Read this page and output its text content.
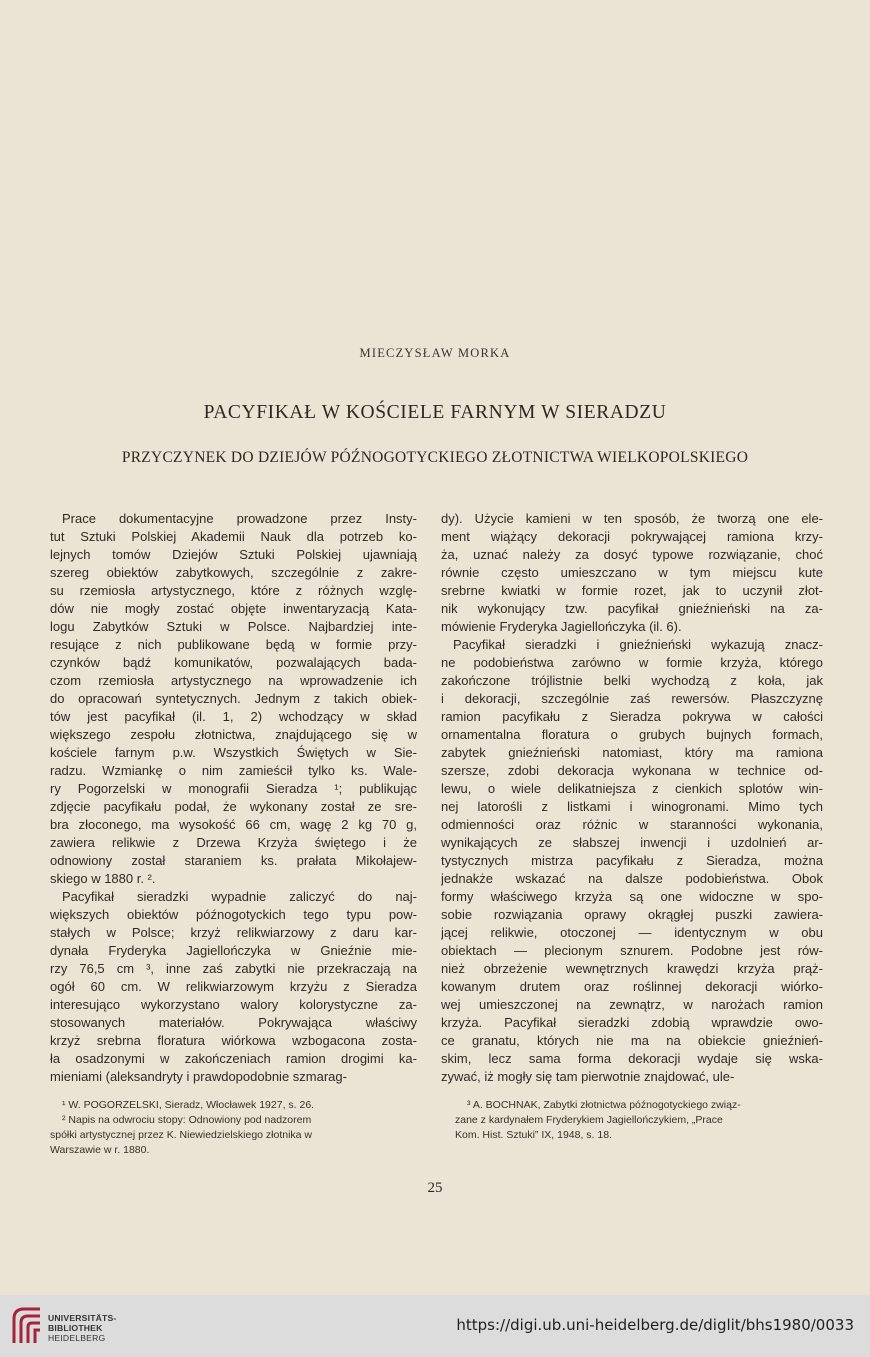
MIECZYSŁAW MORKA
PACYFIKAŁ W KOŚCIELE FARNYM W SIERADZU
PRZYCZYNEK DO DZIEJÓW PÓŹNOGOTYCKIEGO ZŁOTNICTWA WIELKOPOLSKIEGO
Prace dokumentacyjne prowadzone przez Insty-
tut Sztuki Polskiej Akademii Nauk dla potrzeb ko-
lejnych tomów Dziejów Sztuki Polskiej ujawniają
szereg obiektów zabytkowych, szczególnie z zakre-
su rzemiosła artystycznego, które z różnych wzglę-
dów nie mogły zostać objęte inwentaryzacją Kata-
logu Zabytków Sztuki w Polsce. Najbardziej inte-
resujące z nich publikowane będą w formie przy-
czynków bądź komunikatów, pozwalających bada-
czom rzemiosła artystycznego na wprowadzenie ich
do opracowań syntetycznych. Jednym z takich obiek-
tów jest pacyfikał (il. 1, 2) wchodzący w skład
większego zespołu złotnictwa, znajdującego się w
kościele farnym p.w. Wszystkich Świętych w Sie-
radzu. Wzmiankę o nim zamieścił tylko ks. Wale-
ry Pogorzelski w monografii Sieradza ¹; publikując
zdjęcie pacyfikału podał, że wykonany został ze sre-
bra złoconego, ma wysokość 66 cm, wagę 2 kg 70 g,
zawiera relikwie z Drzewa Krzyża świętego i że
odnowiony został staraniem ks. prałata Mikołajew-
skiego w 1880 r. ².
Pacyfikał sieradzki wypadnie zaliczyć do naj-
większych obiektów późnogotyckich tego typu pow-
stałych w Polsce; krzyż relikwiarzowy z daru kar-
dynała Fryderyka Jagiellończyka w Gnieźnie mie-
rzy 76,5 cm ³, inne zaś zabytki nie przekraczają na
ogół 60 cm. W relikwiarzowym krzyżu z Sieradza
interesująco wykorzystano walory kolorystyczne za-
stosowanych materiałów. Pokrywająca właściwy
krzyż srebrna floratura wiórkowa wzbogacona zosta-
ła osadzonymi w zakończeniach ramion drogimi ka-
mieniami (aleksandryty i prawdopodobnie szmarag-
dy). Użycie kamieni w ten sposób, że tworzą one ele-
ment wiążący dekoracji pokrywającej ramiona krzy-
ża, uznać należy za dosyć typowe rozwiązanie, choć
równie często umieszczano w tym miejscu kute
srebrne kwiatki w formie rozet, jak to uczynił złot-
nik wykonujący tzw. pacyfikał gnieźnieński na za-
mówienie Fryderyka Jagiellończyka (il. 6).
Pacyfikał sieradzki i gnieźnieński wykazują znacz-
ne podobieństwa zarówno w formie krzyża, którego
zakończone trójlistnie belki wychodzą z koła, jak
i dekoracji, szczególnie zaś rewersów. Płaszczyznę
ramion pacyfikału z Sieradza pokrywa w całości
ornamentalna floratura o grubych bujnych formach,
zabytek gnieźnieński natomiast, który ma ramiona
szersze, zdobi dekoracja wykonana w technice od-
lewu, o wiele delikatniejsza z cienkich splotów win-
nej latorośli z listkami i winogronami. Mimo tych
odmienności oraz różnic w staranności wykonania,
wynikających ze słabszej inwencji i uzdolnień ar-
tystycznych mistrza pacyfikału z Sieradza, można
jednakże wskazać na dalsze podobieństwa. Obok
formy właściwego krzyża są one widoczne w spo-
sobie rozwiązania oprawy okrągłej puszki zawiera-
jącej relikwie, otoczonej — identycznym w obu
obiektach — plecionym sznurem. Podobne jest rów-
nież obrzeżenie wewnętrznych krawędzi krzyża prąż-
kowanym drutem oraz roślinnej dekoracji wiórko-
wej umieszczonej na zewnątrz, w narożach ramion
krzyża. Pacyfikał sieradzki zdobią wprawdzie owo-
ce granatu, których nie ma na obiekcie gnieźnień-
skim, lecz sama forma dekoracji wydaje się wska-
zywać, iż mogły się tam pierwotnie znajdować, ule-
¹ W. POGORZELSKI, Sieradz, Włocławek 1927, s. 26.
² Napis na odwrociu stopy: Odnowiony pod nadzorem
spółki artystycznej przez K. Niewiedzielskiego złotnika w
Warszawie w r. 1880.
³ A. BOCHNAK, Zabytki złotnictwa późnogotyckiego związ-
zane z kardynałem Fryderykiem Jagiellończykiem, „Prace
Kom. Hist. Sztuki” IX, 1948, s. 18.
25
UNIVERSITÄTS-
BIBLIOTHEK
HEIDELBERG
https://digi.ub.uni-heidelberg.de/diglit/bhs1980/0033
